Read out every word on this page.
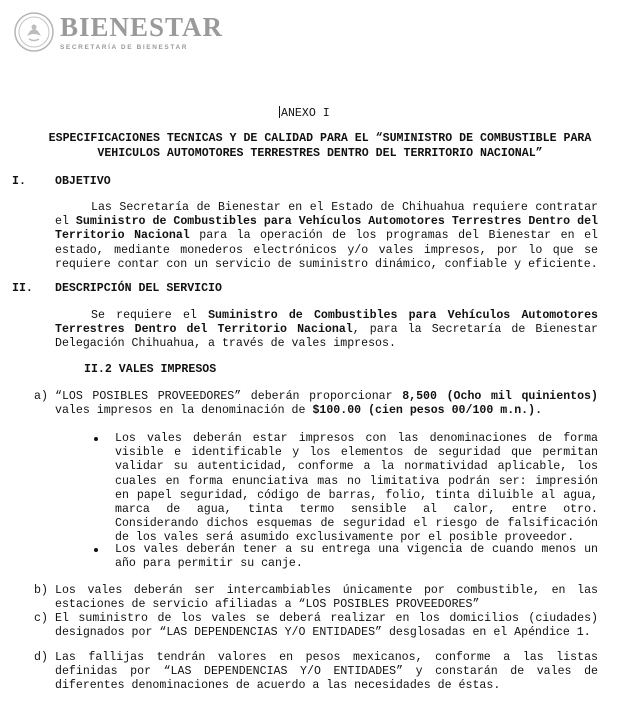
BIENESTAR
SECRETARÍA DE BIENESTAR
ANEXO I
ESPECIFICACIONES TECNICAS Y DE CALIDAD PARA EL “SUMINISTRO DE COMBUSTIBLE PARA
VEHICULOS AUTOMOTORES TERRESTRES DENTRO DEL TERRITORIO NACIONAL”
I.	OBJETIVO
Las Secretaría de Bienestar en el Estado de Chihuahua requiere contratar el Suministro de Combustibles para Vehículos Automotores Terrestres Dentro del Territorio Nacional para la operación de los programas del Bienestar en el estado, mediante monederos electrónicos y/o vales impresos, por lo que se requiere contar con un servicio de suministro dinámico, confiable y eficiente.
II. DESCRIPCIÓN DEL SERVICIO
Se requiere el Suministro de Combustibles para Vehículos Automotores Terrestres Dentro del Territorio Nacional, para la Secretaría de Bienestar Delegación Chihuahua, a través de vales impresos.
II.2 VALES IMPRESOS
a) “LOS POSIBLES PROVEEDORES” deberán proporcionar 8,500 (Ocho mil quinientos) vales impresos en la denominación de $100.00 (cien pesos 00/100 m.n.).
Los vales deberán estar impresos con las denominaciones de forma visible e identificable y los elementos de seguridad que permitan validar su autenticidad, conforme a la normatividad aplicable, los cuales en forma enunciativa mas no limitativa podrán ser: impresión en papel seguridad, código de barras, folio, tinta diluible al agua, marca de agua, tinta termo sensible al calor, entre otro. Considerando dichos esquemas de seguridad el riesgo de falsificación de los vales será asumido exclusivamente por el posible proveedor.
Los vales deberán tener a su entrega una vigencia de cuando menos un año para permitir su canje.
b) Los vales deberán ser intercambiables únicamente por combustible, en las estaciones de servicio afiliadas a “LOS POSIBLES PROVEEDORES”
c) El suministro de los vales se deberá realizar en los domicilios (ciudades) designados por “LAS DEPENDENCIAS Y/O ENTIDADES” desglosadas en el Apéndice 1.
d) Las fallijas tendrán valores en pesos mexicanos, conforme a las listas definidas por “LAS DEPENDENCIAS Y/O ENTIDADES” y constarán de vales de diferentes denominaciones de acuerdo a las necesidades de éstas.
